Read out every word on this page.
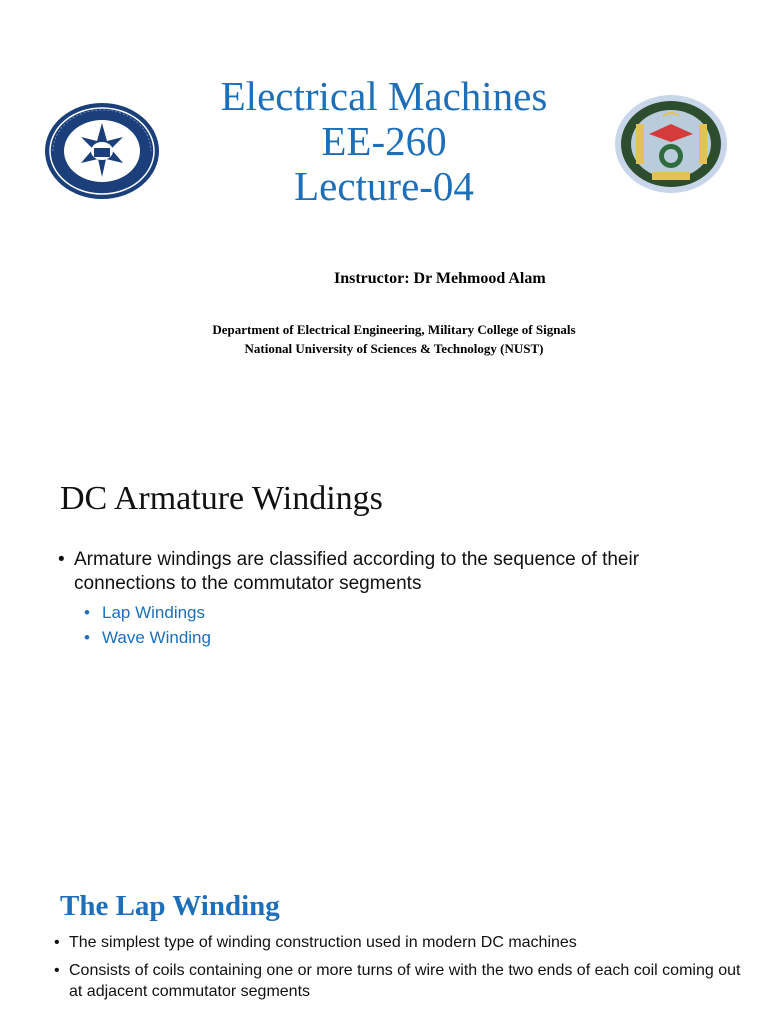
Electrical Machines
EE-260
Lecture-04
Instructor: Dr Mehmood Alam
Department of Electrical Engineering, Military College of Signals
National University of Sciences & Technology (NUST)
DC Armature Windings
• Armature windings are classified according to the sequence of their connections to the commutator segments
• Lap Windings
• Wave Winding
The Lap Winding
• The simplest type of winding construction used in modern DC machines
• Consists of coils containing one or more turns of wire with the two ends of each coil coming out at adjacent commutator segments
